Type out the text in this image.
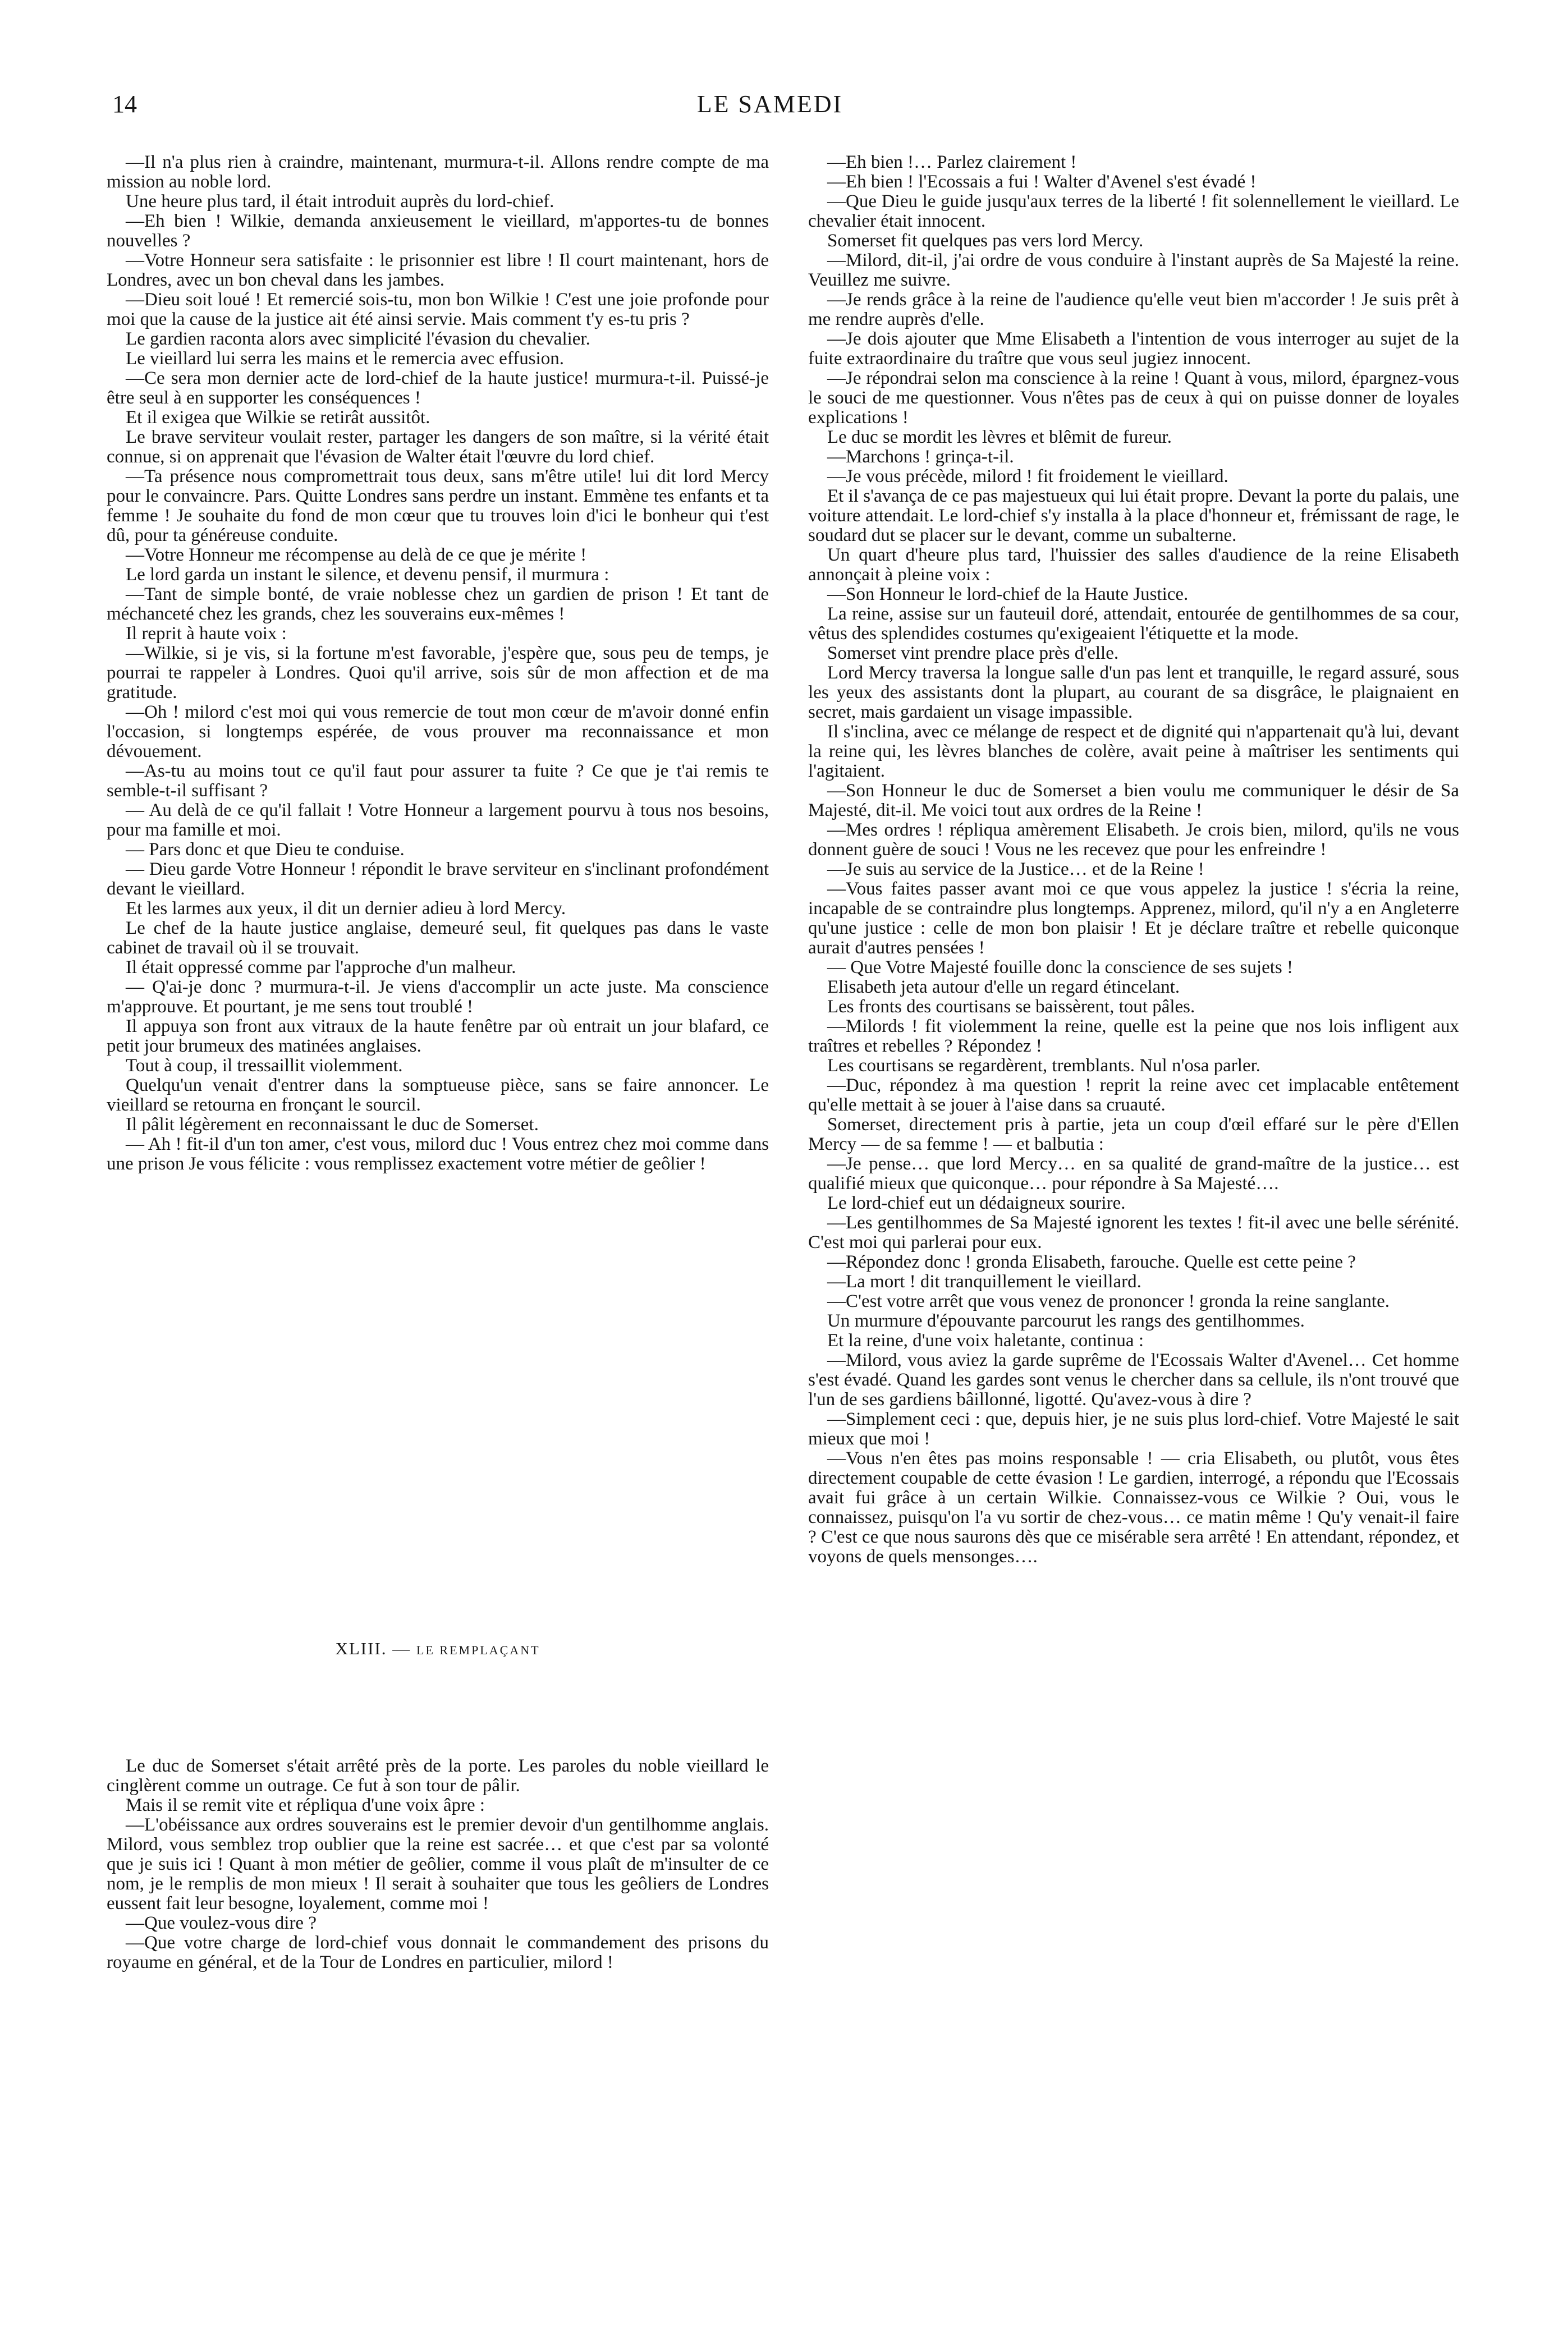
14	LE SAMEDI

—Il n'a plus rien à craindre, maintenant, murmura-t-il. Allons rendre compte de ma mission au noble lord.

Une heure plus tard, il était introduit auprès du lord-chief.

—Eh bien ! Wilkie, demanda anxieusement le vieillard, m'apportes-tu de bonnes nouvelles ?

—Votre Honneur sera satisfaite : le prisonnier est libre ! Il court maintenant, hors de Londres, avec un bon cheval dans les jambes.

—Dieu soit loué ! Et remercié sois-tu, mon bon Wilkie ! C'est une joie profonde pour moi que la cause de la justice ait été ainsi servie. Mais comment t'y es-tu pris ?

Le gardien raconta alors avec simplicité l'évasion du chevalier.

Le vieillard lui serra les mains et le remercia avec effusion.

—Ce sera mon dernier acte de lord-chief de la haute justice! murmura-t-il. Puissé-je être seul à en supporter les conséquences !

Et il exigea que Wilkie se retirât aussitôt.

Le brave serviteur voulait rester, partager les dangers de son maître, si la vérité était connue, si on apprenait que l'évasion de Walter était l'œuvre du lord chief.

—Ta présence nous compromettrait tous deux, sans m'être utile! lui dit lord Mercy pour le convaincre. Pars. Quitte Londres sans perdre un instant. Emmène tes enfants et ta femme ! Je souhaite du fond de mon cœur que tu trouves loin d'ici le bonheur qui t'est dû, pour ta généreuse conduite.

—Votre Honneur me récompense au delà de ce que je mérite !

Le lord garda un instant le silence, et devenu pensif, il murmura :

—Tant de simple bonté, de vraie noblesse chez un gardien de prison ! Et tant de méchanceté chez les grands, chez les souverains eux-mêmes !

Il reprit à haute voix :

—Wilkie, si je vis, si la fortune m'est favorable, j'espère que, sous peu de temps, je pourrai te rappeler à Londres. Quoi qu'il arrive, sois sûr de mon affection et de ma gratitude.

—Oh ! milord c'est moi qui vous remercie de tout mon cœur de m'avoir donné enfin l'occasion, si longtemps espérée, de vous prouver ma reconnaissance et mon dévouement.

—As-tu au moins tout ce qu'il faut pour assurer ta fuite ? Ce que je t'ai remis te semble-t-il suffisant ?

— Au delà de ce qu'il fallait ! Votre Honneur a largement pourvu à tous nos besoins, pour ma famille et moi.

— Pars donc et que Dieu te conduise.

— Dieu garde Votre Honneur ! répondit le brave serviteur en s'inclinant profondément devant le vieillard.

Et les larmes aux yeux, il dit un dernier adieu à lord Mercy.

Le chef de la haute justice anglaise, demeuré seul, fit quelques pas dans le vaste cabinet de travail où il se trouvait.

Il était oppressé comme par l'approche d'un malheur.

— Q'ai-je donc ? murmura-t-il. Je viens d'accomplir un acte juste. Ma conscience m'approuve. Et pourtant, je me sens tout troublé !

Il appuya son front aux vitraux de la haute fenêtre par où entrait un jour blafard, ce petit jour brumeux des matinées anglaises.

Tout à coup, il tressaillit violemment.

Quelqu'un venait d'entrer dans la somptueuse pièce, sans se faire annoncer. Le vieillard se retourna en fronçant le sourcil.

Il pâlit légèrement en reconnaissant le duc de Somerset.

— Ah ! fit-il d'un ton amer, c'est vous, milord duc ! Vous entrez chez moi comme dans une prison Je vous félicite : vous remplissez exactement votre métier de geôlier !

XLIII. — LE REMPLAÇANT

Le duc de Somerset s'était arrêté près de la porte. Les paroles du noble vieillard le cinglèrent comme un outrage. Ce fut à son tour de pâlir.

Mais il se remit vite et répliqua d'une voix âpre :

—L'obéissance aux ordres souverains est le premier devoir d'un gentilhomme anglais. Milord, vous semblez trop oublier que la reine est sacrée… et que c'est par sa volonté que je suis ici ! Quant à mon métier de geôlier, comme il vous plaît de m'insulter de ce nom, je le remplis de mon mieux ! Il serait à souhaiter que tous les geôliers de Londres eussent fait leur besogne, loyalement, comme moi !

—Que voulez-vous dire ?

—Que votre charge de lord-chief vous donnait le commandement des prisons du royaume en général, et de la Tour de Londres en particulier, milord !

—Eh bien !… Parlez clairement !

—Eh bien ! l'Ecossais a fui ! Walter d'Avenel s'est évadé !

—Que Dieu le guide jusqu'aux terres de la liberté ! fit solennellement le vieillard. Le chevalier était innocent.

Somerset fit quelques pas vers lord Mercy.

—Milord, dit-il, j'ai ordre de vous conduire à l'instant auprès de Sa Majesté la reine. Veuillez me suivre.

—Je rends grâce à la reine de l'audience qu'elle veut bien m'accorder ! Je suis prêt à me rendre auprès d'elle.

—Je dois ajouter que Mme Elisabeth a l'intention de vous interroger au sujet de la fuite extraordinaire du traître que vous seul jugiez innocent.

—Je répondrai selon ma conscience à la reine ! Quant à vous, milord, épargnez-vous le souci de me questionner. Vous n'êtes pas de ceux à qui on puisse donner de loyales explications !

Le duc se mordit les lèvres et blêmit de fureur.

—Marchons ! grinça-t-il.

—Je vous précède, milord ! fit froidement le vieillard.

Et il s'avança de ce pas majestueux qui lui était propre. Devant la porte du palais, une voiture attendait. Le lord-chief s'y installa à la place d'honneur et, frémissant de rage, le soudard dut se placer sur le devant, comme un subalterne.

Un quart d'heure plus tard, l'huissier des salles d'audience de la reine Elisabeth annonçait à pleine voix :

—Son Honneur le lord-chief de la Haute Justice.

La reine, assise sur un fauteuil doré, attendait, entourée de gentilhommes de sa cour, vêtus des splendides costumes qu'exigeaient l'étiquette et la mode.

Somerset vint prendre place près d'elle.

Lord Mercy traversa la longue salle d'un pas lent et tranquille, le regard assuré, sous les yeux des assistants dont la plupart, au courant de sa disgrâce, le plaignaient en secret, mais gardaient un visage impassible.

Il s'inclina, avec ce mélange de respect et de dignité qui n'appartenait qu'à lui, devant la reine qui, les lèvres blanches de colère, avait peine à maîtriser les sentiments qui l'agitaient.

—Son Honneur le duc de Somerset a bien voulu me communiquer le désir de Sa Majesté, dit-il. Me voici tout aux ordres de la Reine !

—Mes ordres ! répliqua amèrement Elisabeth. Je crois bien, milord, qu'ils ne vous donnent guère de souci ! Vous ne les recevez que pour les enfreindre !

—Je suis au service de la Justice… et de la Reine !

—Vous faites passer avant moi ce que vous appelez la justice ! s'écria la reine, incapable de se contraindre plus longtemps. Apprenez, milord, qu'il n'y a en Angleterre qu'une justice : celle de mon bon plaisir ! Et je déclare traître et rebelle quiconque aurait d'autres pensées !

— Que Votre Majesté fouille donc la conscience de ses sujets !

Elisabeth jeta autour d'elle un regard étincelant.

Les fronts des courtisans se baissèrent, tout pâles.

—Milords ! fit violemment la reine, quelle est la peine que nos lois infligent aux traîtres et rebelles ? Répondez !

Les courtisans se regardèrent, tremblants. Nul n'osa parler.

—Duc, répondez à ma question ! reprit la reine avec cet implacable entêtement qu'elle mettait à se jouer à l'aise dans sa cruauté.

Somerset, directement pris à partie, jeta un coup d'œil effaré sur le père d'Ellen Mercy — de sa femme ! — et balbutia :

—Je pense… que lord Mercy… en sa qualité de grand-maître de la justice… est qualifié mieux que quiconque… pour répondre à Sa Majesté….

Le lord-chief eut un dédaigneux sourire.

—Les gentilhommes de Sa Majesté ignorent les textes ! fit-il avec une belle sérénité. C'est moi qui parlerai pour eux.

—Répondez donc ! gronda Elisabeth, farouche. Quelle est cette peine ?

—La mort ! dit tranquillement le vieillard.

—C'est votre arrêt que vous venez de prononcer ! gronda la reine sanglante.

Un murmure d'épouvante parcourut les rangs des gentilhommes.

Et la reine, d'une voix haletante, continua :

—Milord, vous aviez la garde suprême de l'Ecossais Walter d'Avenel… Cet homme s'est évadé. Quand les gardes sont venus le chercher dans sa cellule, ils n'ont trouvé que l'un de ses gardiens bâillonné, ligotté. Qu'avez-vous à dire ?

—Simplement ceci : que, depuis hier, je ne suis plus lord-chief. Votre Majesté le sait mieux que moi !

—Vous n'en êtes pas moins responsable ! — cria Elisabeth, ou plutôt, vous êtes directement coupable de cette évasion ! Le gardien, interrogé, a répondu que l'Ecossais avait fui grâce à un certain Wilkie. Connaissez-vous ce Wilkie ? Oui, vous le connaissez, puisqu'on l'a vu sortir de chez-vous… ce matin même ! Qu'y venait-il faire ? C'est ce que nous saurons dès que ce misérable sera arrêté ! En attendant, répondez, et voyons de quels mensonges….
